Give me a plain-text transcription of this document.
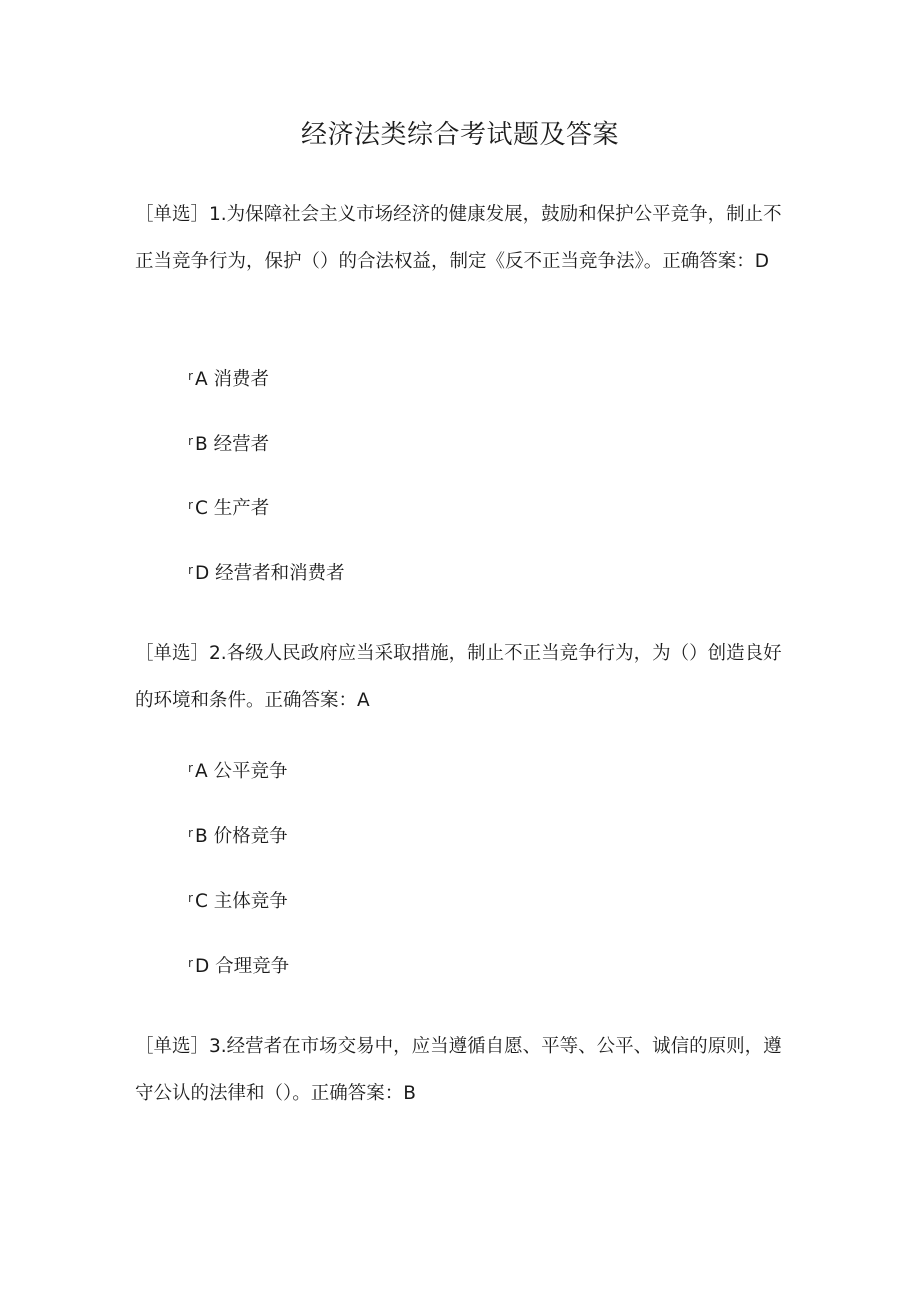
经济法类综合考试题及答案

［单选］1.为保障社会主义市场经济的健康发展，鼓励和保护公平竞争，制止不正当竞争行为，保护（）的合法权益，制定《反不正当竞争法》。正确答案：D

r A 消费者

r B 经营者

r C 生产者

r D 经营者和消费者

［单选］2.各级人民政府应当采取措施，制止不正当竞争行为，为（）创造良好的环境和条件。正确答案：A

r A 公平竞争

r B 价格竞争

r C 主体竞争

r D 合理竞争

［单选］3.经营者在市场交易中，应当遵循自愿、平等、公平、诚信的原则，遵守公认的法律和（）。正确答案：B
